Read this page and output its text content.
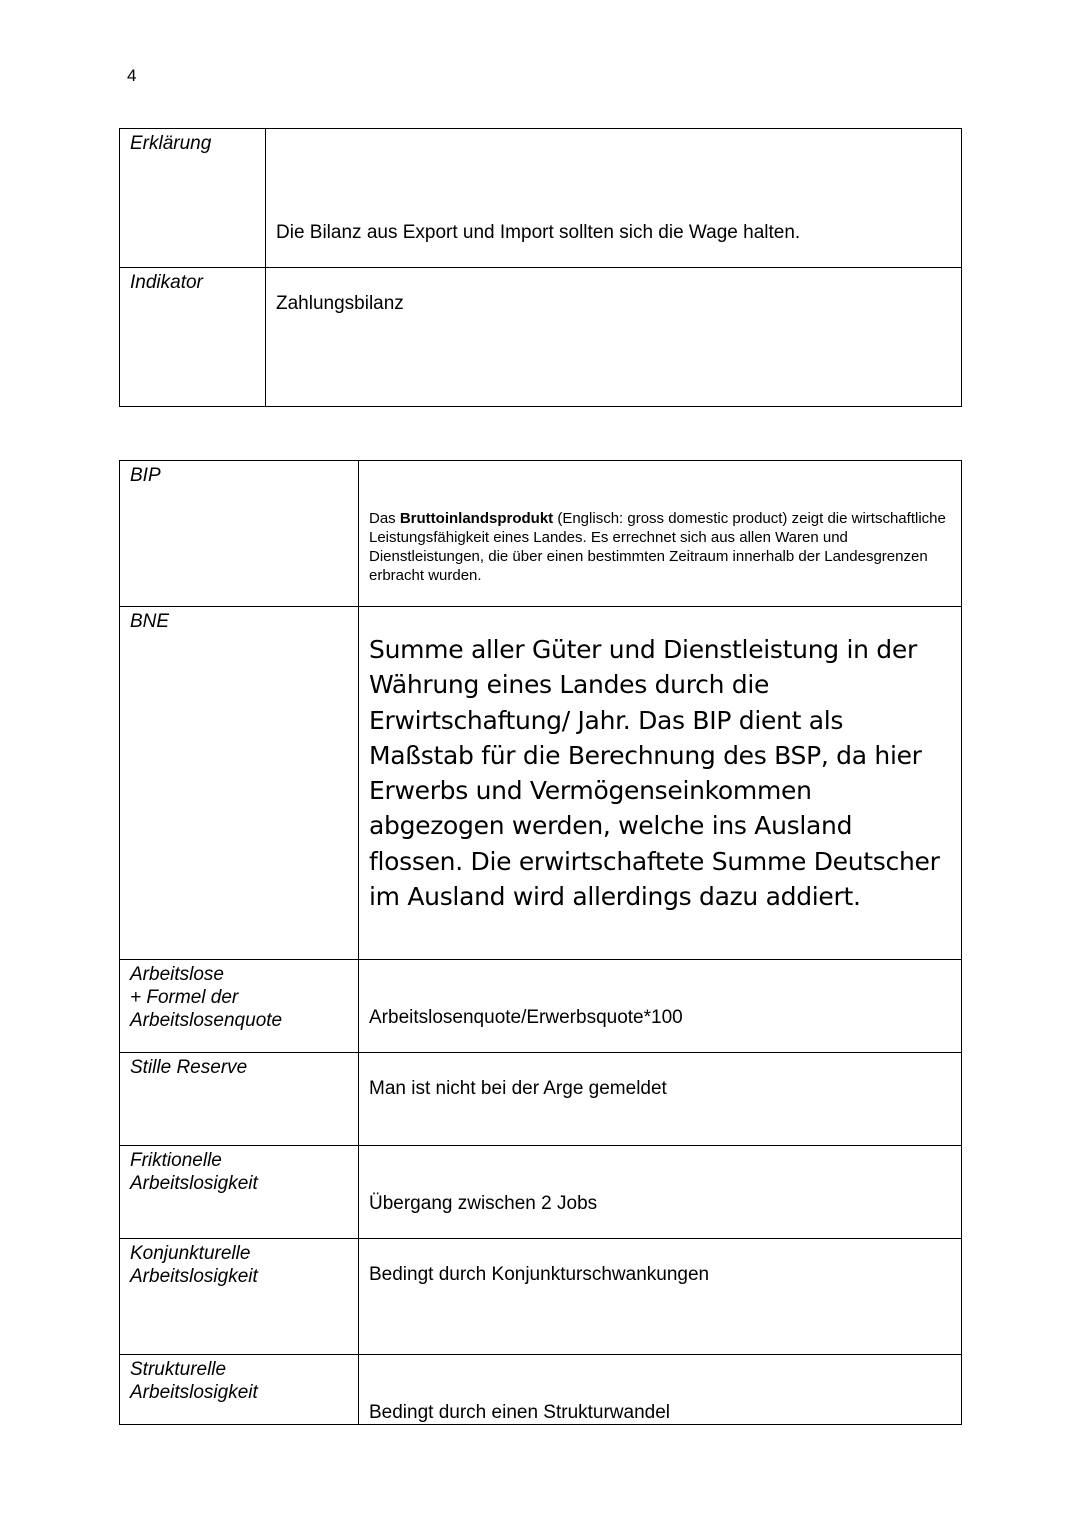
4
Erklärung	Die Bilanz aus Export und Import sollten sich die Wage halten.

Indikator	Zahlungsbilanz
BIP	Das Bruttoinlandsprodukt (Englisch: gross domestic product) zeigt die wirtschaftliche Leistungsfähigkeit eines Landes. Es errechnet sich aus allen Waren und Dienstleistungen, die über einen bestimmten Zeitraum innerhalb der Landesgrenzen erbracht wurden.

BNE	Summe aller Güter und Dienstleistung in der Währung eines Landes durch die Erwirtschaftung/ Jahr. Das BIP dient als Maßstab für die Berechnung des BSP, da hier Erwerbs und Vermögenseinkommen abgezogen werden, welche ins Ausland flossen. Die erwirtschaftete Summe Deutscher im Ausland wird allerdings dazu addiert.

Arbeitslose
+ Formel der
Arbeitslosenquote	Arbeitslosenquote/Erwerbsquote*100

Stille Reserve	Man ist nicht bei der Arge gemeldet

Friktionelle
Arbeitslosigkeit	Übergang zwischen 2 Jobs

Konjunkturelle
Arbeitslosigkeit	Bedingt durch Konjunkturschwankungen

Strukturelle
Arbeitslosigkeit	Bedingt durch einen Strukturwandel
